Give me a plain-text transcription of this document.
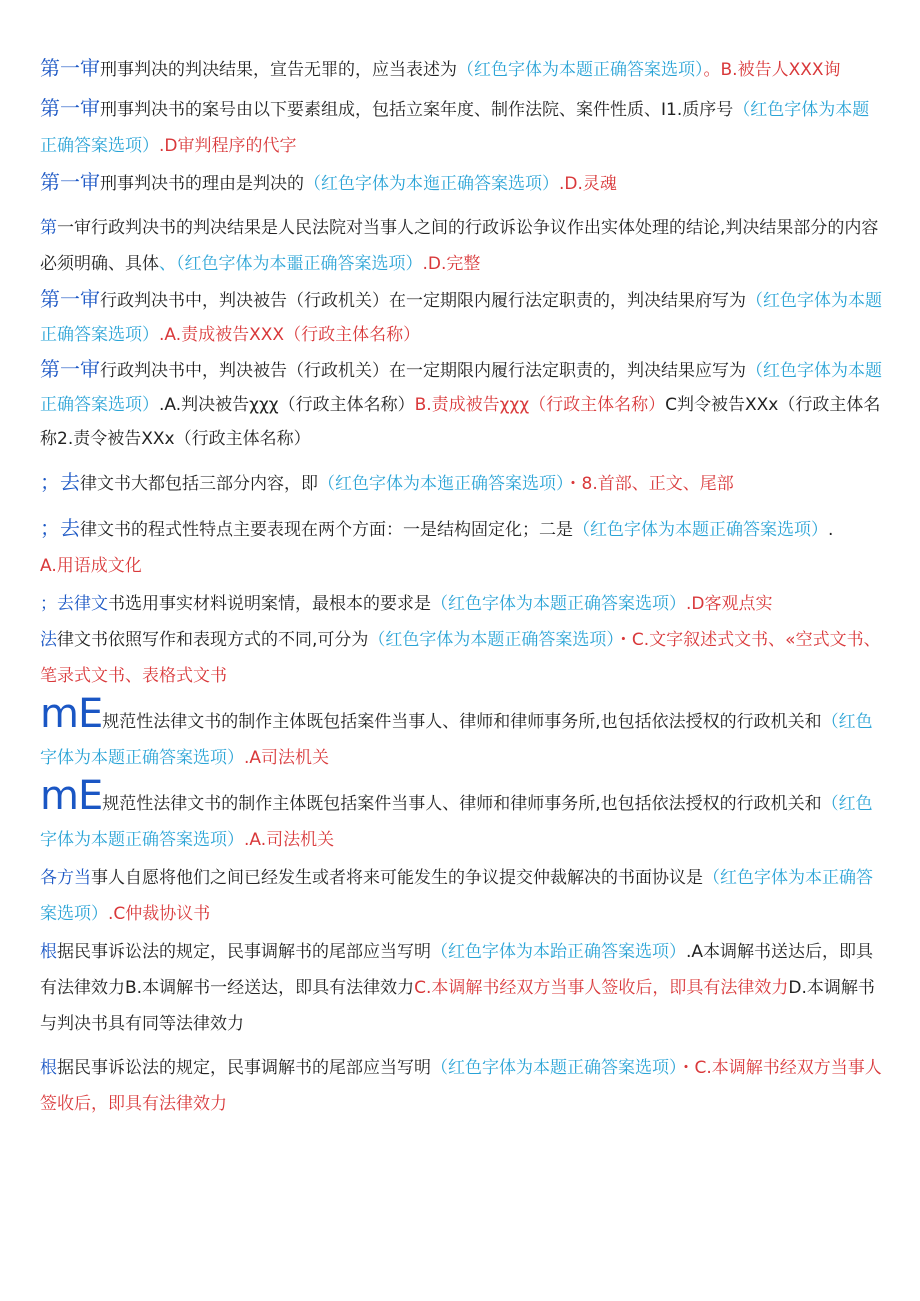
第一审刑事判决的判决结果，宣告无罪的，应当表述为（红色字体为本题正确答案选项）。B.被告人XXX询

第一审刑事判决书的案号由以下要素组成，包括立案年度、制作法院、案件性质、I1.质序号（红色字体为本题正确答案选项）.D审判程序的代字

第一审刑事判决书的理由是判决的（红色字体为本迤正确答案选项）.D.灵魂

第一审行政判决书的判决结果是人民法院对当事人之间的行政诉讼争议作出实体处理的结论,判决结果部分的内容必须明确、具体、（红色字体为本噩正确答案选项）.D.完整

第一审行政判决书中，判决被告（行政机关）在一定期限内履行法定职责的，判决结果府写为（红色字体为本题正确答案选项）.A.责成被告XXX（行政主体名称）

第一审行政判决书中，判决被告（行政机关）在一定期限内履行法定职责的，判决结果应写为（红色字体为本题正确答案选项）.A.判决被告χχχ（行政主体名称）B.责成被告χχχ（行政主体名称）C判令被告XXx（行政主体名称2.责令被告XXx（行政主体名称）

；去律文书大都包括三部分内容，即（红色字体为本迤正确答案选项）・8.首部、正文、尾部

；去律文书的程式性特点主要表现在两个方面：一是结构固定化；二是（红色字体为本题正确答案选项）.
A.用语成文化

；去律文书选用事实材料说明案情，最根本的要求是（红色字体为本题正确答案选项）.D客观点实

法律文书依照写作和表现方式的不同,可分为（红色字体为本题正确答案选项）・C.文字叙述式文书、«空式文书、笔录式文书、表格式文书

mE规范性法律文书的制作主体既包括案件当事人、律师和律师事务所,也包括依法授权的行政机关和（红色字体为本题正确答案选项）.A司法机关

mE规范性法律文书的制作主体既包括案件当事人、律师和律师事务所,也包括依法授权的行政机关和（红色字体为本题正确答案选项）.A.司法机关

各方当事人自愿将他们之间已经发生或者将来可能发生的争议提交仲裁解决的书面协议是（红色字体为本正确答案选项）.C仲裁协议书

根据民事诉讼法的规定，民事调解书的尾部应当写明（红色字体为本跆正确答案选项）.A本调解书送达后，即具有法律效力B.本调解书一经送达，即具有法律效力C.本调解书经双方当事人签收后，即具有法律效力D.本调解书与判决书具有同等法律效力

根据民事诉讼法的规定，民事调解书的尾部应当写明（红色字体为本题正确答案选项）・C.本调解书经双方当事人签收后，即具有法律效力
